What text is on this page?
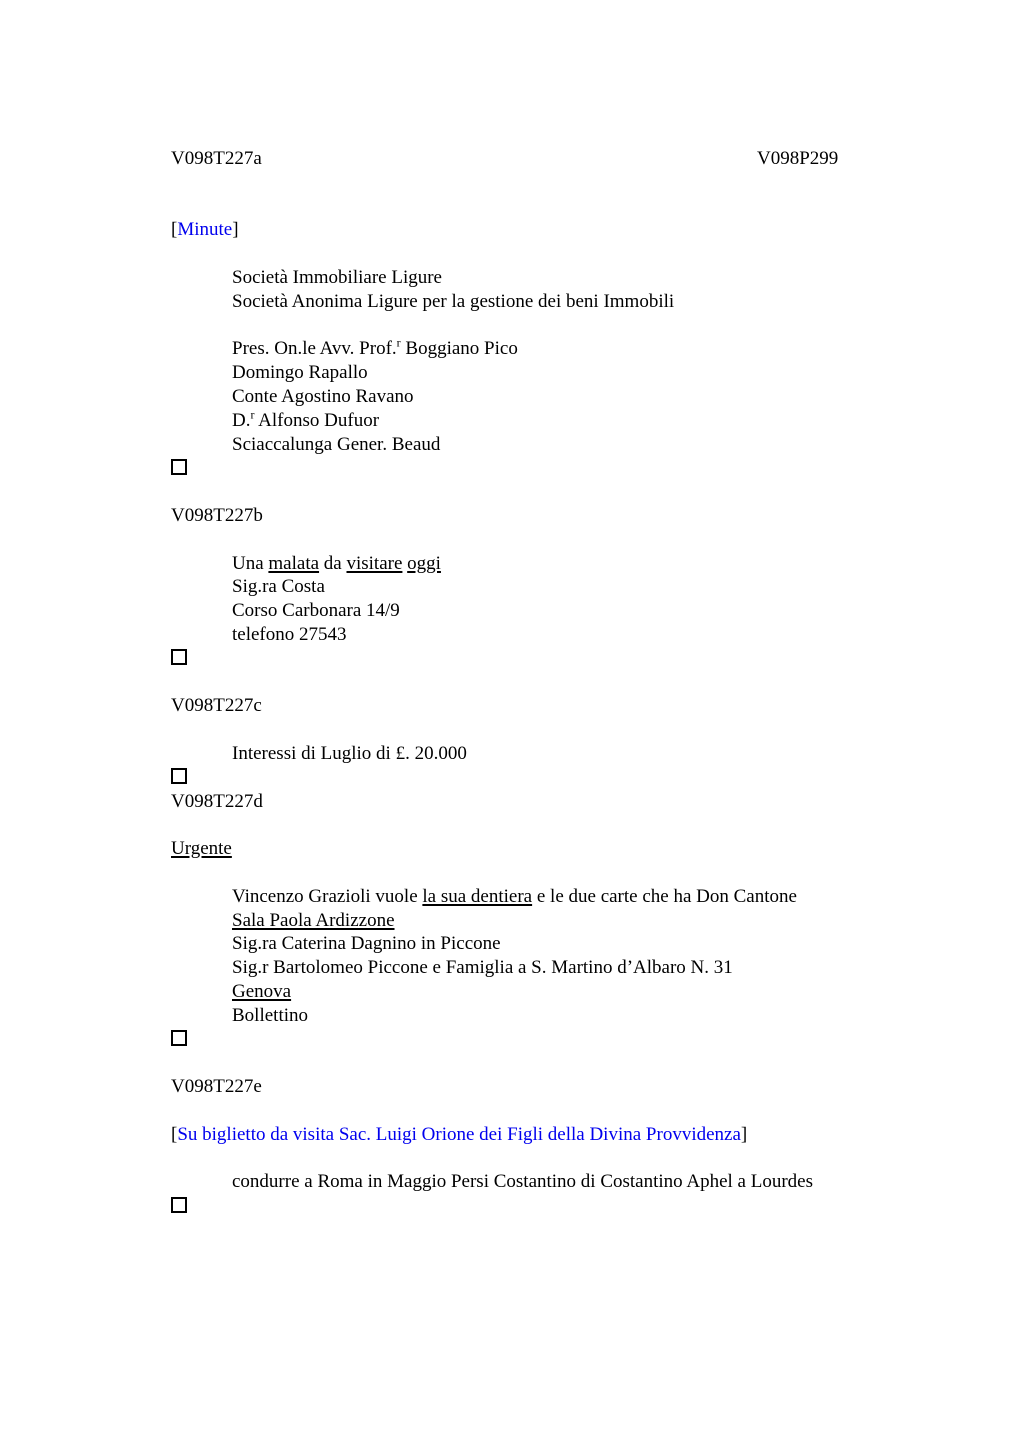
V098T227a	V098P299
[Minute]
Società Immobiliare Ligure
Società Anonima Ligure per la gestione dei beni Immobili
Pres. On.le Avv. Prof.$^r$ Boggiano Pico
Domingo Rapallo
Conte Agostino Ravano
D.$^r$ Alfonso Dufuor
Sciaccalunga Gener. Beaud
V098T227b
Una malata da visitare oggi
Sig.ra Costa
Corso Carbonara 14/9
telefono 27543
V098T227c
Interessi di Luglio di £. 20.000
V098T227d
Urgente
Vincenzo Grazioli vuole la sua dentiera e le due carte che ha Don Cantone
Sala Paola Ardizzone
Sig.ra Caterina Dagnino in Piccone
Sig.r Bartolomeo Piccone e Famiglia a S. Martino d’Albaro N. 31
Genova
Bollettino
V098T227e
[Su biglietto da visita Sac. Luigi Orione dei Figli della Divina Provvidenza]
condurre a Roma in Maggio Persi Costantino di Costantino Aphel a Lourdes
